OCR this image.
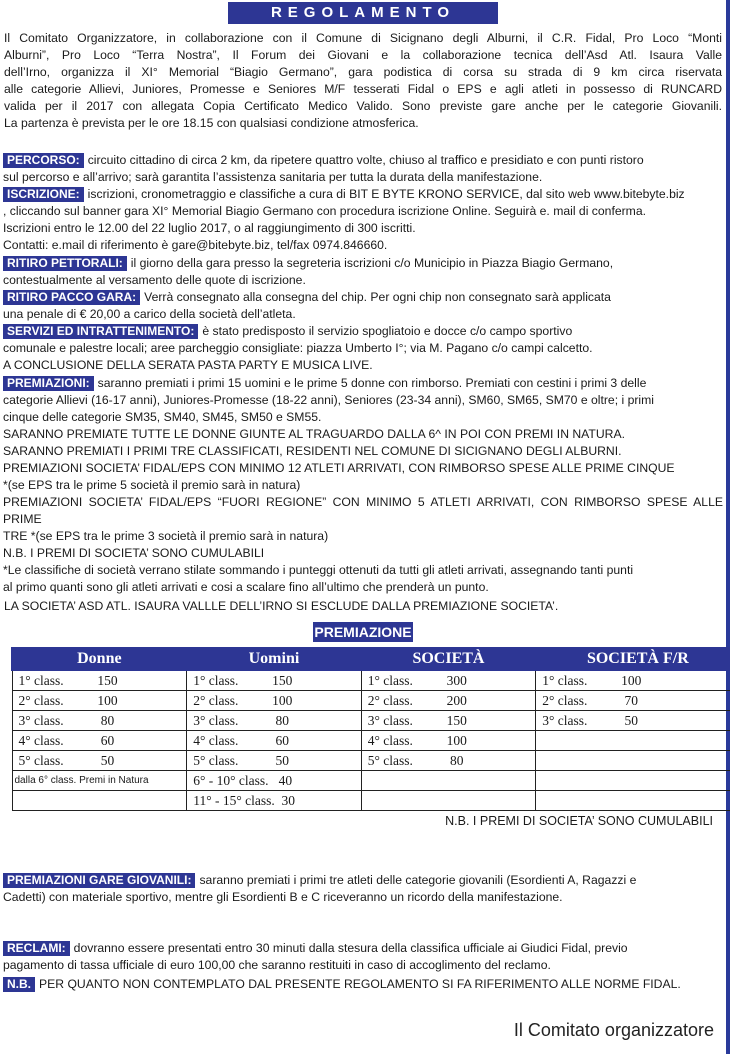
REGOLAMENTO

Il Comitato Organizzatore, in collaborazione con il Comune di Sicignano degli Alburni, il C.R. Fidal, Pro Loco “Monti

Alburni”, Pro Loco “Terra Nostra”, Il Forum dei Giovani e la collaborazione tecnica dell’Asd Atl. Isaura Valle

dell’Irno, organizza il XI° Memorial “Biagio Germano”, gara podistica di corsa su strada di 9 km circa riservata

alle categorie Allievi, Juniores, Promesse e Seniores M/F tesserati Fidal o EPS e agli atleti in possesso di RUNCARD

valida per il 2017 con allegata Copia Certificato Medico Valido. Sono previste gare anche per le categorie Giovanili.

La partenza è prevista per le ore 18.15 con qualsiasi condizione atmosferica.

PERCORSO: circuito cittadino di circa 2 km, da ripetere quattro volte, chiuso al traffico e presidiato e con punti ristoro
sul percorso e all’arrivo; sarà garantita l’assistenza sanitaria per tutta la durata della manifestazione.
ISCRIZIONE: iscrizioni, cronometraggio e classifiche a cura di BIT E BYTE KRONO SERVICE, dal sito web www.bitebyte.biz
, cliccando sul banner gara XI° Memorial Biagio Germano con procedura iscrizione Online. Seguirà e. mail di conferma.
Iscrizioni entro le 12.00 del 22 luglio 2017, o al raggiungimento di 300 iscritti.
Contatti: e.mail di riferimento è gare@bitebyte.biz, tel/fax 0974.846660.
RITIRO PETTORALI: il giorno della gara presso la segreteria iscrizioni c/o Municipio in Piazza Biagio Germano,
contestualmente al versamento delle quote di iscrizione.
RITIRO PACCO GARA: Verrà consegnato alla consegna del chip. Per ogni chip non consegnato sarà applicata
una penale di € 20,00 a carico della società dell’atleta.
SERVIZI ED INTRATTENIMENTO: è stato predisposto il servizio spogliatoio e docce c/o campo sportivo
comunale e palestre locali; aree parcheggio consigliate: piazza Umberto I°; via M. Pagano c/o campi calcetto.
A CONCLUSIONE DELLA SERATA PASTA PARTY E MUSICA LIVE.
PREMIAZIONI: saranno premiati i primi 15 uomini e le prime 5 donne con rimborso. Premiati con cestini i primi 3 delle
categorie Allievi (16-17 anni), Juniores-Promesse (18-22 anni), Seniores (23-34 anni), SM60, SM65, SM70 e oltre; i primi
cinque delle categorie SM35, SM40, SM45, SM50 e SM55.
SARANNO PREMIATE TUTTE LE DONNE GIUNTE AL TRAGUARDO DALLA 6^ IN POI CON PREMI IN NATURA.
SARANNO PREMIATI I PRIMI TRE CLASSIFICATI, RESIDENTI NEL COMUNE DI SICIGNANO DEGLI ALBURNI.
PREMIAZIONI SOCIETA’ FIDAL/EPS CON MINIMO 12 ATLETI ARRIVATI, CON RIMBORSO SPESE ALLE PRIME CINQUE
*(se EPS tra le prime 5 società il premio sarà in natura)
PREMIAZIONI SOCIETA’ FIDAL/EPS “FUORI REGIONE” CON MINIMO 5 ATLETI ARRIVATI, CON RIMBORSO SPESE ALLE PRIME
TRE *(se EPS tra le prime 3 società il premio sarà in natura)
N.B. I PREMI DI SOCIETA’ SONO CUMULABILI
*Le classifiche di società verrano stilate sommando i punteggi ottenuti da tutti gli atleti arrivati, assegnando tanti punti
al primo quanti sono gli atleti arrivati e cosi a scalare fino all’ultimo che prenderà un punto.

LA SOCIETA’ ASD ATL. ISAURA VALLLE DELL’IRNO SI ESCLUDE DALLA PREMIAZIONE SOCIETA’.

PREMIAZIONE
Donne	Uomini	SOCIETÀ	SOCIETÀ F/R
1° class.          150	1° class.          150	1° class.          300	1° class.          100
2° class.          100	2° class.          100	2° class.          200	2° class.           70
3° class.           80	3° class.           80	3° class.          150	3° class.           50
4° class.           60	4° class.           60	4° class.          100	
5° class.           50	5° class.           50	5° class.           80	
dalla 6° class. Premi in Natura	6° - 10° class.   40		
	11° - 15° class.  30		
N.B. I PREMI DI SOCIETA’ SONO CUMULABILI
PREMIAZIONI GARE GIOVANILI: saranno premiati i primi tre atleti delle categorie giovanili (Esordienti A, Ragazzi e
Cadetti) con materiale sportivo, mentre gli Esordienti B e C riceveranno un ricordo della manifestazione.
RECLAMI: dovranno essere presentati entro 30 minuti dalla stesura della classifica ufficiale ai Giudici Fidal, previo
pagamento di tassa ufficiale di euro 100,00 che saranno restituiti in caso di accoglimento del reclamo.
N.B. PER QUANTO NON CONTEMPLATO DAL PRESENTE REGOLAMENTO SI FA RIFERIMENTO ALLE NORME FIDAL.
Il Comitato organizzatore
